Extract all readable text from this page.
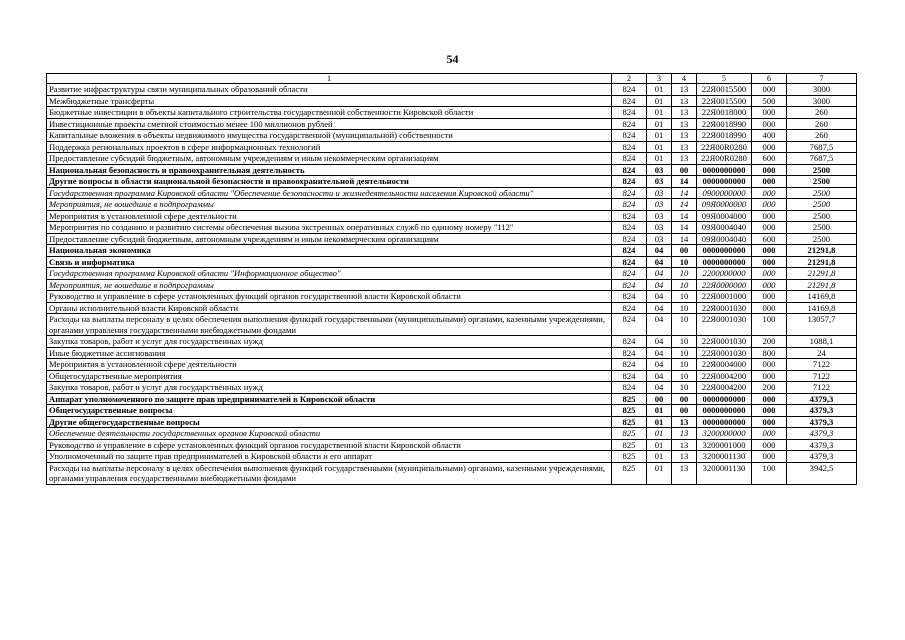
54
1	2	3	4	5	6	7
Развитие инфраструктуры связи муниципальных образований области	824	01	13	22Я0015500	000	3000
Межбюджетные трансферты	824	01	13	22Я0015500	500	3000
Бюджетные инвестиции в объекты капитального строительства государственной собственности Кировской области	824	01	13	22Я0018000	000	260
Инвестиционные проекты сметной стоимостью менее 100 миллионов рублей	824	01	13	22Я0018990	000	260
Капитальные вложения в объекты недвижимого имущества государственной (муниципальной) собственности	824	01	13	22Я0018990	400	260
Поддержка региональных проектов в сфере информационных технологий	824	01	13	22Я00R0280	000	7687,5
Предоставление субсидий бюджетным, автономным учреждениям и иным некоммерческим организациям	824	01	13	22Я00R0280	600	7687,5
Национальная безопасность и правоохранительная деятельность	824	03	00	0000000000	000	2500
Другие вопросы в области национальной безопасности и правоохранительной деятельности	824	03	14	0000000000	000	2500
Государственная программа Кировской области "Обеспечение безопасности и жизнедеятельности населения Кировской области"	824	03	14	0900000000	000	2500
Мероприятия, не вошедшие в подпрограммы	824	03	14	09Я0000000	000	2500
Мероприятия в установленной сфере деятельности	824	03	14	09Я0004000	000	2500
Мероприятия по созданию и развитию системы обеспечения вызова экстренных оперативных служб по единому номеру "112"	824	03	14	09Я0004040	000	2500
Предоставление субсидий бюджетным, автономным учреждениям и иным некоммерческим организациям	824	03	14	09Я0004040	600	2500
Национальная экономика	824	04	00	0000000000	000	21291,8
Связь и информатика	824	04	10	0000000000	000	21291,8
Государственная программа Кировской области "Информационное общество"	824	04	10	2200000000	000	21291,8
Мероприятия, не вошедшие в подпрограммы	824	04	10	22Я0000000	000	21291,8
Руководство и управление в сфере установленных функций органов государственной власти Кировской области	824	04	10	22Я0001000	000	14169,8
Органы исполнительной власти Кировской области	824	04	10	22Я0001030	000	14169,8
Расходы на выплаты персоналу в целях обеспечения выполнения функций государственными (муниципальными) органами, казенными учреждениями, органами управления государственными внебюджетными фондами	824	04	10	22Я0001030	100	13057,7
Закупка товаров, работ и услуг для государственных нужд	824	04	10	22Я0001030	200	1088,1
Иные бюджетные ассигнования	824	04	10	22Я0001030	800	24
Мероприятия в установленной сфере деятельности	824	04	10	22Я0004000	000	7122
Общегосударственные мероприятия	824	04	10	22Я0004200	000	7122
Закупка товаров, работ и услуг для государственных нужд	824	04	10	22Я0004200	200	7122
Аппарат уполномоченного по защите прав предпринимателей в Кировской области	825	00	00	0000000000	000	4379,3
Общегосударственные вопросы	825	01	00	0000000000	000	4379,3
Другие общегосударственные вопросы	825	01	13	0000000000	000	4379,3
Обеспечение деятельности государственных органов Кировской области	825	01	13	3200000000	000	4379,3
Руководство и управление в сфере установленных функций органов государственной власти Кировской области	825	01	13	3200001000	000	4379,3
Уполномоченный по защите прав предпринимателей в Кировской области и его аппарат	825	01	13	3200001130	000	4379,3
Расходы на выплаты персоналу в целях обеспечения выполнения функций государственными (муниципальными) органами, казенными учреждениями, органами управления государственными внебюджетными фондами	825	01	13	3200001130	100	3942,5
